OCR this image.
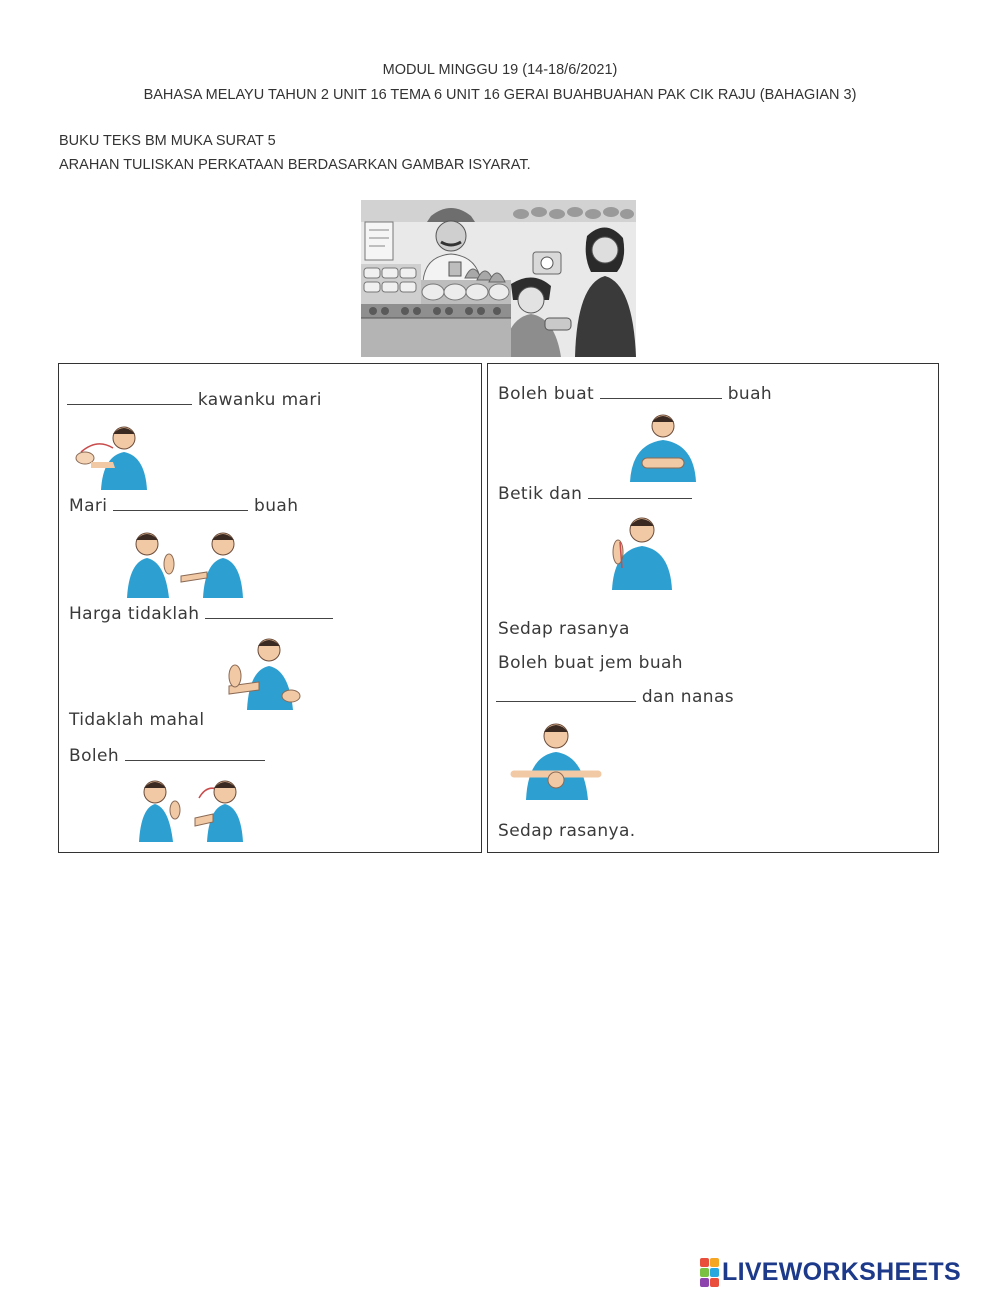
MODUL MINGGU 19 (14-18/6/2021)
BAHASA MELAYU TAHUN 2 UNIT 16 TEMA 6 UNIT 16 GERAI BUAHBUAHAN PAK CIK RAJU (BAHAGIAN 3)
BUKU TEKS BM MUKA SURAT 5
ARAHAN TULISKAN PERKATAAN BERDASARKAN GAMBAR ISYARAT.
kawanku mari
Mari	buah
Harga tidaklah
Tidaklah mahal
Boleh
Boleh buat	buah
Betik dan
Sedap rasanya
Boleh buat jem buah
dan nanas
Sedap rasanya.
LIVEWORKSHEETS
